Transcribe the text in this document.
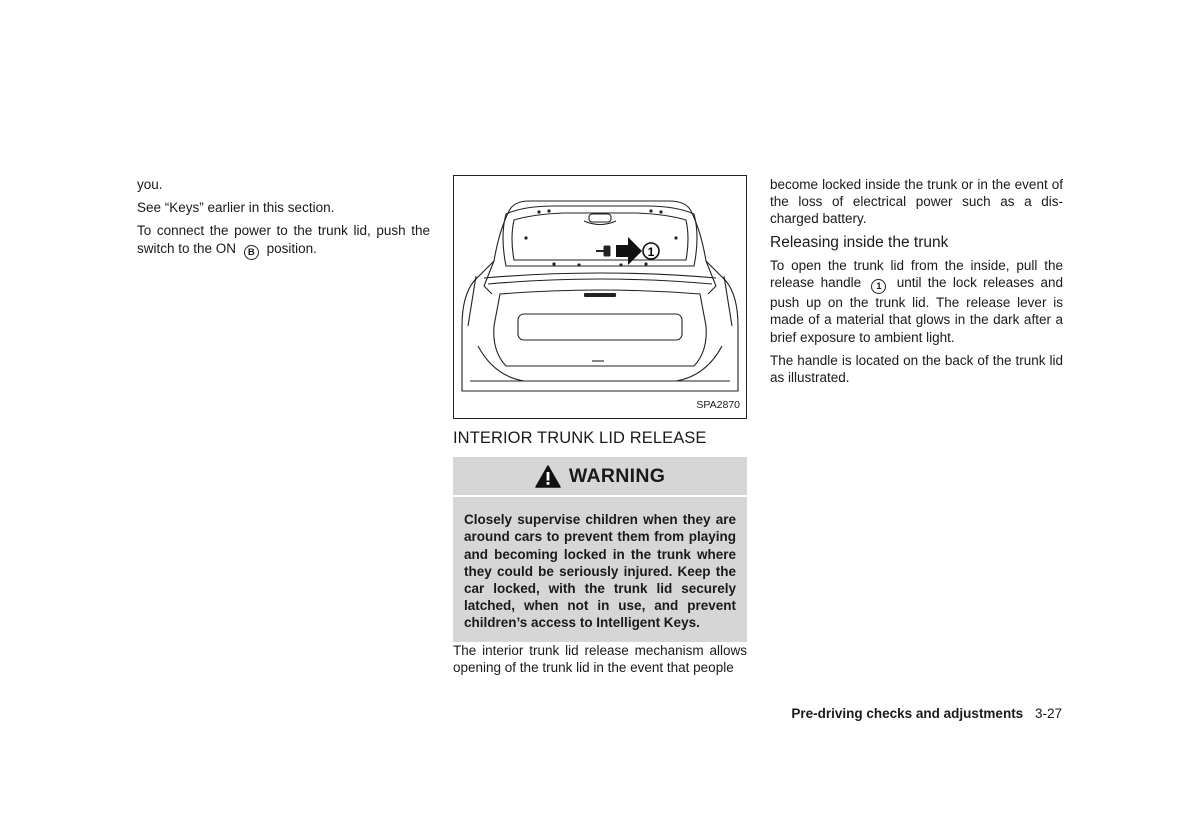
you.

See “Keys” earlier in this section.

To connect the power to the trunk lid, push the switch to the ON B position.	1
SPA2870
INTERIOR TRUNK LID RELEASE
WARNING
Closely supervise children when they are around cars to prevent them from playing and becoming locked in the trunk where they could be seriously injured. Keep the car locked, with the trunk lid securely latched, when not in use, and prevent children’s access to Intelligent Keys.

The interior trunk lid release mechanism allows opening of the trunk lid in the event that people

become locked inside the trunk or in the event of the loss of electrical power such as a dis-charged battery.

Releasing inside the trunk

To open the trunk lid from the inside, pull the release handle 1 until the lock releases and push up on the trunk lid. The release lever is made of a material that glows in the dark after a brief exposure to ambient light.

The handle is located on the back of the trunk lid as illustrated.

Pre-driving checks and adjustments 3-27
